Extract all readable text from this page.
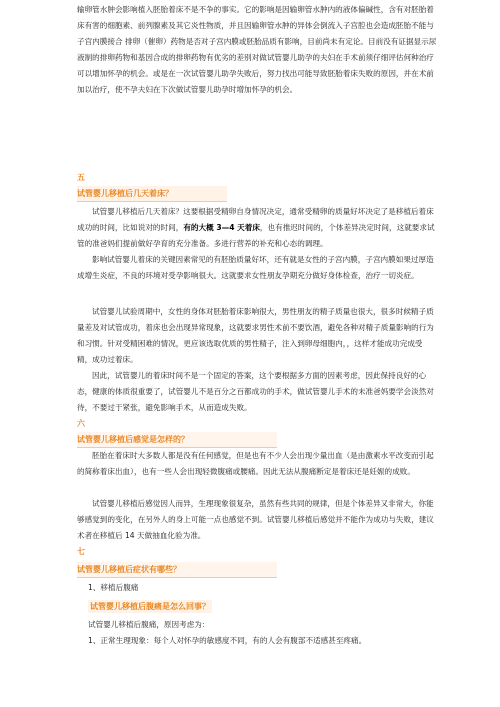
输卵管水肿会影响植入胚胎着床不是不争的事实。它的影响是因输卵管水肿内的液体偏碱性，含有对胚胎着床有害的细胞素、前列腺素及其它炎性物质，并且因输卵管水肿的异体会倒流入子宫腔也会造成胚胎不能与子宫内膜接合 排卵（催卵）药物是否对子宫内膜或胚胎品质有影响，目前尚未有定论。目前没有证据显示尿液制的排卵药物和基因合成的排卵药物有优劣的差别对做试管婴儿助孕的夫妇在手术前须仔细评估何种治疗可以增加怀孕的机会。或是在一次试管婴儿助孕失败后，努力找出可能导致胚胎着床失败的原因，并在术前加以治疗，使不孕夫妇在下次做试管婴儿助孕时增加怀孕的机会。

五

试管婴儿移植后几天着床？

试管婴儿移植后几天着床？这要根据受精卵自身情况决定，通常受精卵的质量好坏决定了是移植后着床成功的时间，比如说对的时间，有的大概 3—4 天着床，也有推迟时间的，个体差异决定时间，这就要求试管的准爸妈们提前做好孕育的充分准备。多进行营养的补充和心态的调理。

影响试管婴儿着床的关键因素常见的有胚胎质量好坏，还有就是女性的子宫内膜，子宫内膜如果过厚造成增生炎症，不良的环境对受孕影响很大。这就要求女性朋友孕期充分做好身体检查，治疗一切炎症。

试管婴儿试验周期中，女性的身体对胚胎着床影响很大，男性朋友的精子质量也很大，很多时候精子质量差及对试管成功，着床也会出现异常现象，这就要求男性术前不要饮酒，避免各种对精子质量影响的行为和习惯。针对受精困难的情况，更应该选取优质的男性精子，注入到卵母细胞内，，这样才能成功完成受精，成功过着床。

因此，试管婴儿的着床时间不是一个固定的答案，这个要根据多方面的因素考虑，因此保持良好的心态，健康的体质很重要了，试管婴儿不是百分之百都成功的手术，做试管婴儿手术的未准爸妈要学会淡然对待，不要过于紧张，避免影响手术，从而造成失败。

六

试管婴儿移植后感觉是怎样的？

胚胎在着床时大多数人都是没有任何感觉，但是也有不少人会出现少量出血（是由激素水平改变而引起的简称着床出血），也有一些人会出现轻微腹痛或腰痛。因此无法从腹痛断定是着床还是妊娠的成败。

试管婴儿移植后感觉因人而异，生理现象很复杂，虽然有些共同的规律，但是个体差异又非常大，你能够感觉到的变化，在另外人的身上可能一点也感觉不到。试管婴儿移植后感觉并不能作为成功与失败，建议术者在移植后 14 天做抽血化验为准。

七

试管婴儿移植后症状有哪些？

1、移植后腹痛

试管婴儿移植后腹痛是怎么回事？

试管婴儿移植后腹痛，原因考虑为：

1、正常生理现象：每个人对怀孕的敏感度不同，有的人会有腹部不适感甚至疼痛。
